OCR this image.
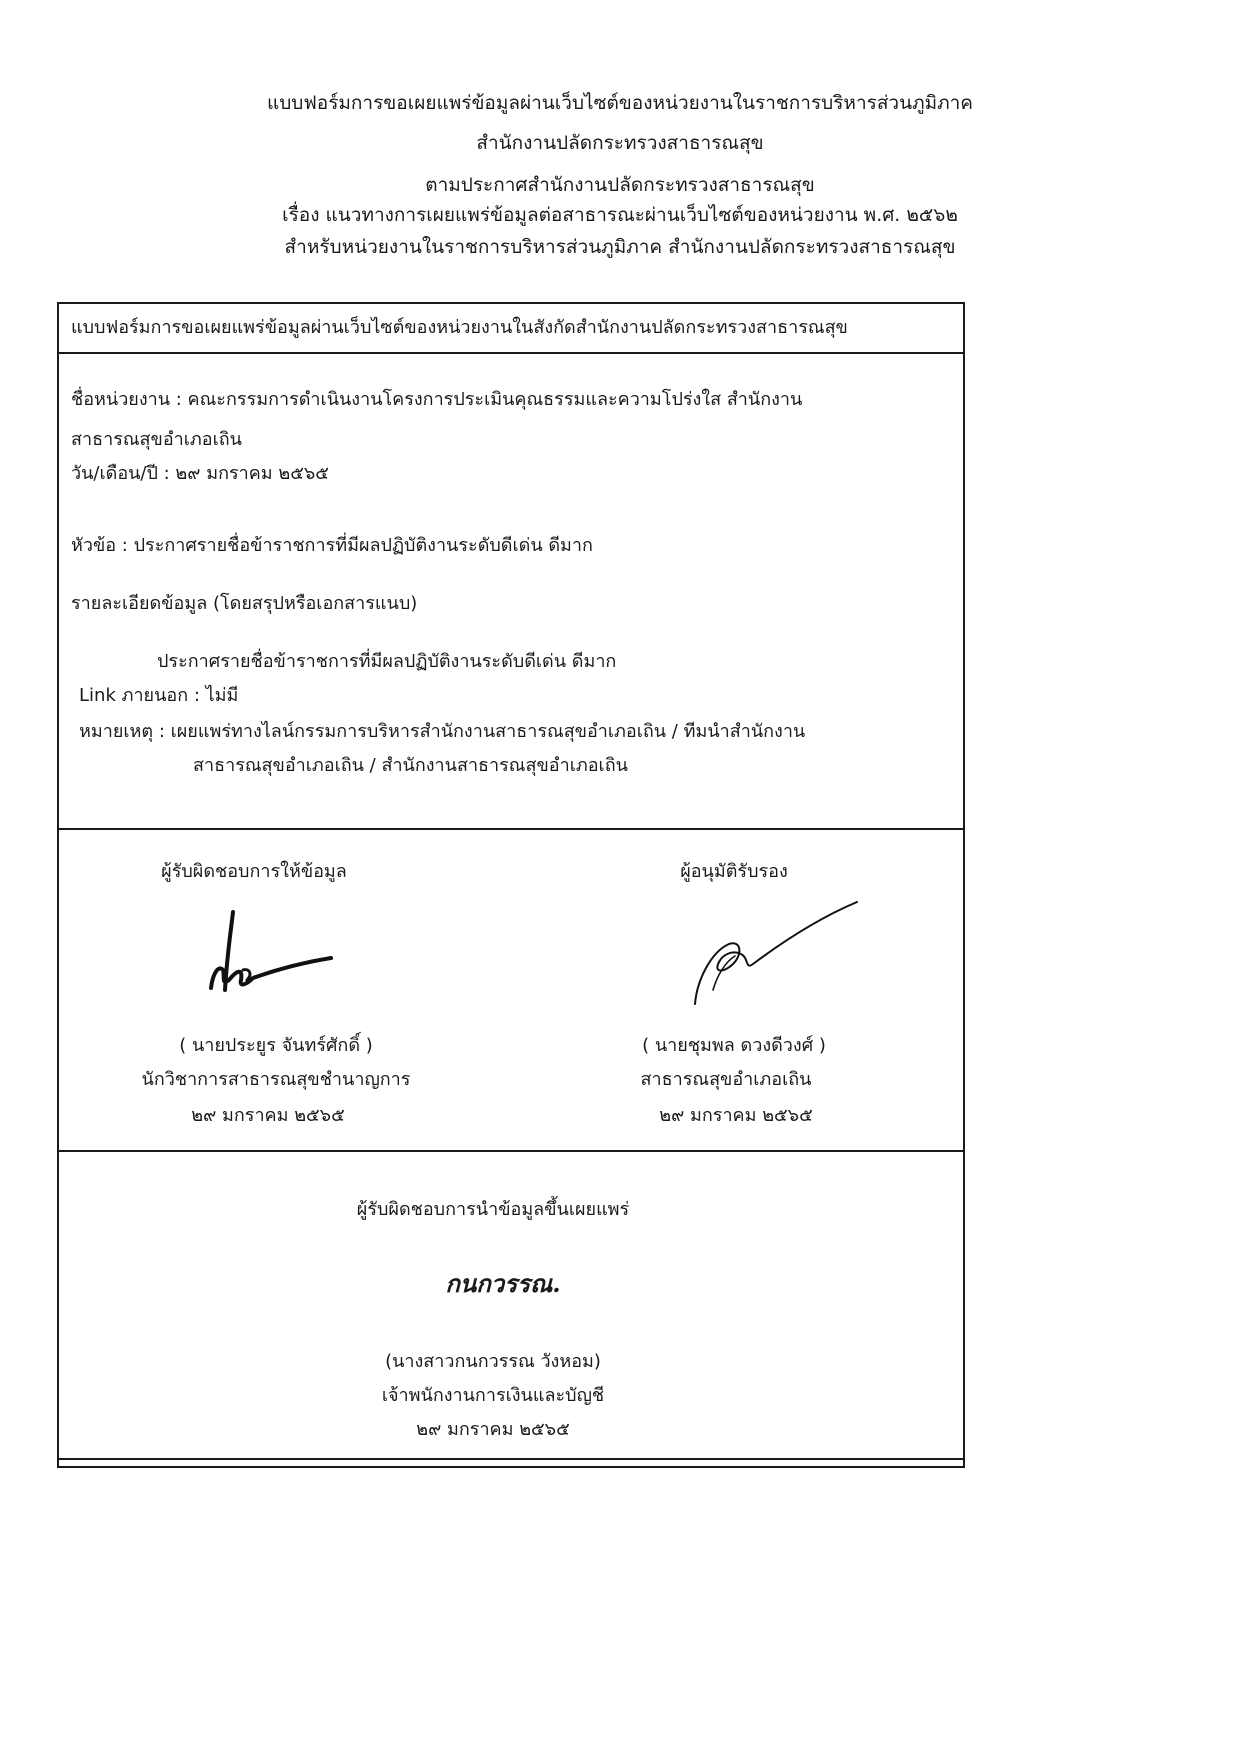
แบบฟอร์มการขอเผยแพร่ข้อมูลผ่านเว็บไซต์ของหน่วยงานในราชการบริหารส่วนภูมิภาค
สำนักงานปลัดกระทรวงสาธารณสุข
ตามประกาศสำนักงานปลัดกระทรวงสาธารณสุข
เรื่อง แนวทางการเผยแพร่ข้อมูลต่อสาธารณะผ่านเว็บไซต์ของหน่วยงาน พ.ศ. ๒๕๖๒
สำหรับหน่วยงานในราชการบริหารส่วนภูมิภาค สำนักงานปลัดกระทรวงสาธารณสุข
แบบฟอร์มการขอเผยแพร่ข้อมูลผ่านเว็บไซต์ของหน่วยงานในสังกัดสำนักงานปลัดกระทรวงสาธารณสุข
ชื่อหน่วยงาน : คณะกรรมการดำเนินงานโครงการประเมินคุณธรรมและความโปร่งใส สำนักงาน
สาธารณสุขอำเภอเถิน
วัน/เดือน/ปี : ๒๙ มกราคม ๒๕๖๕
หัวข้อ : ประกาศรายชื่อข้าราชการที่มีผลปฏิบัติงานระดับดีเด่น ดีมาก
รายละเอียดข้อมูล (โดยสรุปหรือเอกสารแนบ)
ประกาศรายชื่อข้าราชการที่มีผลปฏิบัติงานระดับดีเด่น ดีมาก
Link ภายนอก : ไม่มี
หมายเหตุ : เผยแพร่ทางไลน์กรรมการบริหารสำนักงานสาธารณสุขอำเภอเถิน / ทีมนำสำนักงาน
สาธารณสุขอำเภอเถิน / สำนักงานสาธารณสุขอำเภอเถิน
ผู้รับผิดชอบการให้ข้อมูล
( นายประยูร จันทร์ศักดิ์ )
นักวิชาการสาธารณสุขชำนาญการ
๒๙ มกราคม ๒๕๖๕
ผู้อนุมัติรับรอง
( นายชุมพล ดวงดีวงศ์ )
สาธารณสุขอำเภอเถิน
๒๙ มกราคม ๒๕๖๕
ผู้รับผิดชอบการนำข้อมูลขึ้นเผยแพร่
กนกวรรณ.
(นางสาวกนกวรรณ วังหอม)
เจ้าพนักงานการเงินและบัญชี
๒๙ มกราคม ๒๕๖๕
